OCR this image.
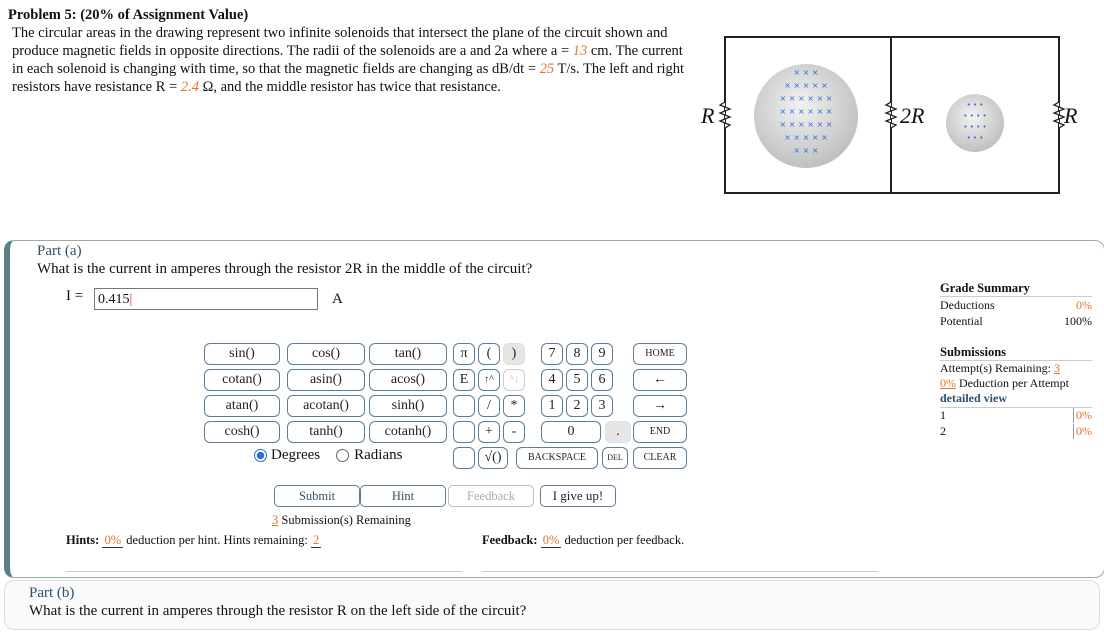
Problem 5: (20% of Assignment Value)
The circular areas in the drawing represent two infinite solenoids that intersect the plane of the circuit shown and produce magnetic fields in opposite directions. The radii of the solenoids are a and 2a where a = 13 cm. The current in each solenoid is changing with time, so that the magnetic fields are changing as dB/dt = 25 T/s. The left and right resistors have resistance R = 2.4 Ω, and the middle resistor has twice that resistance.
R	2R	R
× × ×
× × × × ×
× × × × × ×
× × × × × ×
× × × × × ×
× × × × ×
× × ×
• • •
• • • •
• • • •
• • •
Part (a)
What is the current in amperes through the resistor 2R in the middle of the circuit?
I = 0.415|	A
sin()	cos()	tan()
cotan()	asin()	acos()
atan()	acotan()	sinh()
cosh()	tanh()	cotanh()
Degrees Radians
π	(	)
E	↑^	^↓
/	*
+	-
√()
7	8	9
4	5	6
1	2	3
0	.
HOME
←
→
END
BACKSPACE	DEL	CLEAR
Submit	Hint	Feedback	I give up!
3 Submission(s) Remaining
Hints: 0% deduction per hint. Hints remaining: 2	Feedback: 0% deduction per feedback.
Grade Summary
Deductions	0%
Potential	100%
Submissions
Attempt(s) Remaining: 3
0% Deduction per Attempt
detailed view
1	0%
2	0%
Part (b)
What is the current in amperes through the resistor R on the left side of the circuit?
